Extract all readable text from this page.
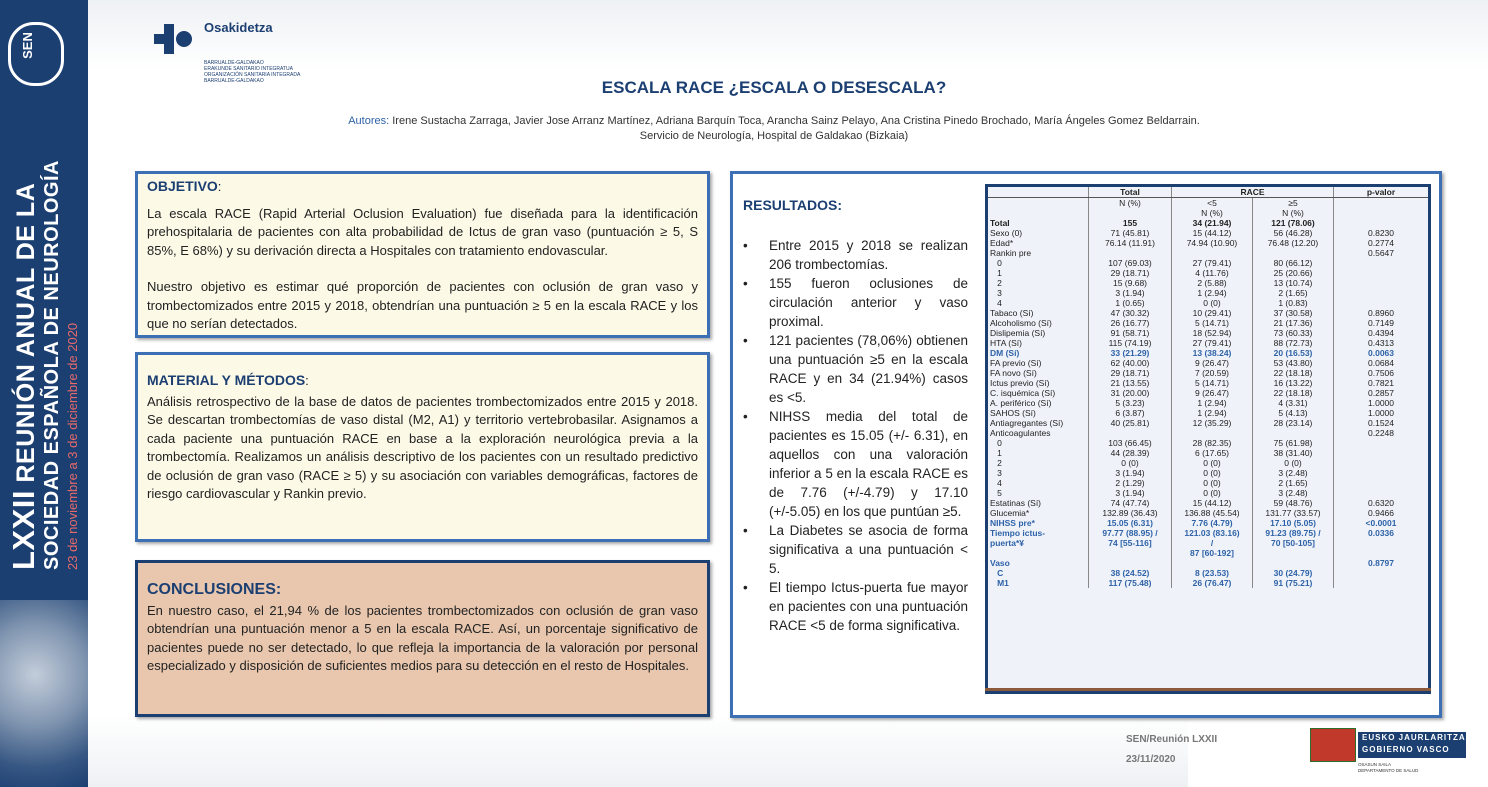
SEN
LXXII REUNIÓN ANUAL DE LA SOCIEDAD ESPAÑOLA DE NEUROLOGÍA 23 de noviembre a 3 de diciembre de 2020
Osakidetza
BARRUALDE-GALDAKAO
ERAKUNDE SANITARIO INTEGRATUA
ORGANIZACIÓN SANITARIA INTEGRADA
BARRUALDE-GALDAKAO	ESCALA RACE ¿ESCALA O DESESCALA?
Autores: Irene Sustacha Zarraga, Javier Jose Arranz Martínez, Adriana Barquín Toca, Arancha Sainz Pelayo, Ana Cristina Pinedo Brochado, María Ángeles Gomez Beldarrain.
Servicio de Neurología, Hospital de Galdakao (Bizkaia)

OBJETIVO:

La escala RACE (Rapid Arterial Oclusion Evaluation) fue diseñada para la identificación prehospitalaria de pacientes con alta probabilidad de Ictus de gran vaso (puntuación ≥ 5, S 85%, E 68%) y su derivación directa a Hospitales con tratamiento endovascular.

Nuestro objetivo es estimar qué proporción de pacientes con oclusión de gran vaso y trombectomizados entre 2015 y 2018, obtendrían una puntuación ≥ 5 en la escala RACE y los que no serían detectados.

MATERIAL Y MÉTODOS:

Análisis retrospectivo de la base de datos de pacientes trombectomizados entre 2015 y 2018. Se descartan trombectomías de vaso distal (M2, A1) y territorio vertebrobasilar. Asignamos a cada paciente una puntuación RACE en base a la exploración neurológica previa a la trombectomía. Realizamos un análisis descriptivo de los pacientes con un resultado predictivo de oclusión de gran vaso (RACE ≥ 5) y su asociación con variables demográficas, factores de riesgo cardiovascular y Rankin previo.

CONCLUSIONES:

En nuestro caso, el 21,94 % de los pacientes trombectomizados con oclusión de gran vaso obtendrían una puntuación menor a 5 en la escala RACE. Así, un porcentaje significativo de pacientes puede no ser detectado, lo que refleja la importancia de la valoración por personal especializado y disposición de suficientes medios para su detección en el resto de Hospitales.

RESULTADOS:
• Entre 2015 y 2018 se realizan 206 trombectomías.
• 155 fueron oclusiones de circulación anterior y vaso proximal.
• 121 pacientes (78,06%) obtienen una puntuación ≥5 en la escala RACE y en 34 (21.94%) casos es <5.
• NIHSS media del total de pacientes es 15.05 (+/- 6.31), en aquellos con una valoración inferior a 5 en la escala RACE es de 7.76 (+/-4.79) y 17.10 (+/-5.05) en los que puntúan ≥5.
• La Diabetes se asocia de forma significativa a una puntuación < 5.
• El tiempo Ictus-puerta fue mayor en pacientes con una puntuación RACE <5 de forma significativa.
	Total	RACE		p-valor
	N (%)	<5	≥5	
		N (%)	N (%)	
Total	155	34 (21.94)	121 (78.06)	
Sexo (0)	71 (45.81)	15 (44.12)	56 (46.28)	0.8230
Edad*	76.14 (11.91)	74.94 (10.90)	76.48 (12.20)	0.2774
Rankin pre				0.5647
0	107 (69.03)	27 (79.41)	80 (66.12)	
1	29 (18.71)	4 (11.76)	25 (20.66)	
2	15 (9.68)	2 (5.88)	13 (10.74)	
3	3 (1.94)	1 (2.94)	2 (1.65)	
4	1 (0.65)	0 (0)	1 (0.83)	
Tabaco (Sí)	47 (30.32)	10 (29.41)	37 (30.58)	0.8960
Alcoholismo (Sí)	26 (16.77)	5 (14.71)	21 (17.36)	0.7149
Dislipemia (Sí)	91 (58.71)	18 (52.94)	73 (60.33)	0.4394
HTA (Sí)	115 (74.19)	27 (79.41)	88 (72.73)	0.4313
DM (Sí)	33 (21.29)	13 (38.24)	20 (16.53)	0.0063
FA previo (Sí)	62 (40.00)	9 (26.47)	53 (43.80)	0.0684
FA novo (Sí)	29 (18.71)	7 (20.59)	22 (18.18)	0.7506
Ictus previo (Sí)	21 (13.55)	5 (14.71)	16 (13.22)	0.7821
C. isquémica (Sí)	31 (20.00)	9 (26.47)	22 (18.18)	0.2857
A. periférico (Sí)	5 (3.23)	1 (2.94)	4 (3.31)	1.0000
SAHOS (Sí)	6 (3.87)	1 (2.94)	5 (4.13)	1.0000
Antiagregantes (Sí)	40 (25.81)	12 (35.29)	28 (23.14)	0.1524

Anticoagulantes				0.2248
0	103 (66.45)	28 (82.35)	75 (61.98)	
1	44 (28.39)	6 (17.65)	38 (31.40)	
2	0 (0)	0 (0)	0 (0)	
3	3 (1.94)	0 (0)	3 (2.48)	
4	2 (1.29)	0 (0)	2 (1.65)	
5	3 (1.94)	0 (0)	3 (2.48)	
Estatinas (Sí)	74 (47.74)	15 (44.12)	59 (48.76)	0.6320
Glucemia*	132.89 (36.43)	136.88 (45.54)	131.77 (33.57)	0.9466

NIHSS pre*	15.05 (6.31)	7.76 (4.79)	17.10 (5.05)	<0.0001
Tiempo ictus-	97.77 (88.95) /	121.03 (83.16)	91.23 (89.75) /	0.0336
puerta*¥	74 [55-116]	/	70 [50-105]	
		87 [60-192]		

Vaso				0.8797
C	38 (24.52)	8 (23.53)	30 (24.79)	
M1	117 (75.48)	26 (76.47)	91 (75.21)	
SEN/Reunión LXXII
23/11/2020
EUSKO JAURLARITZA
GOBIERNO VASCO
OSASUN SAILA
DEPARTAMENTO DE SALUD
